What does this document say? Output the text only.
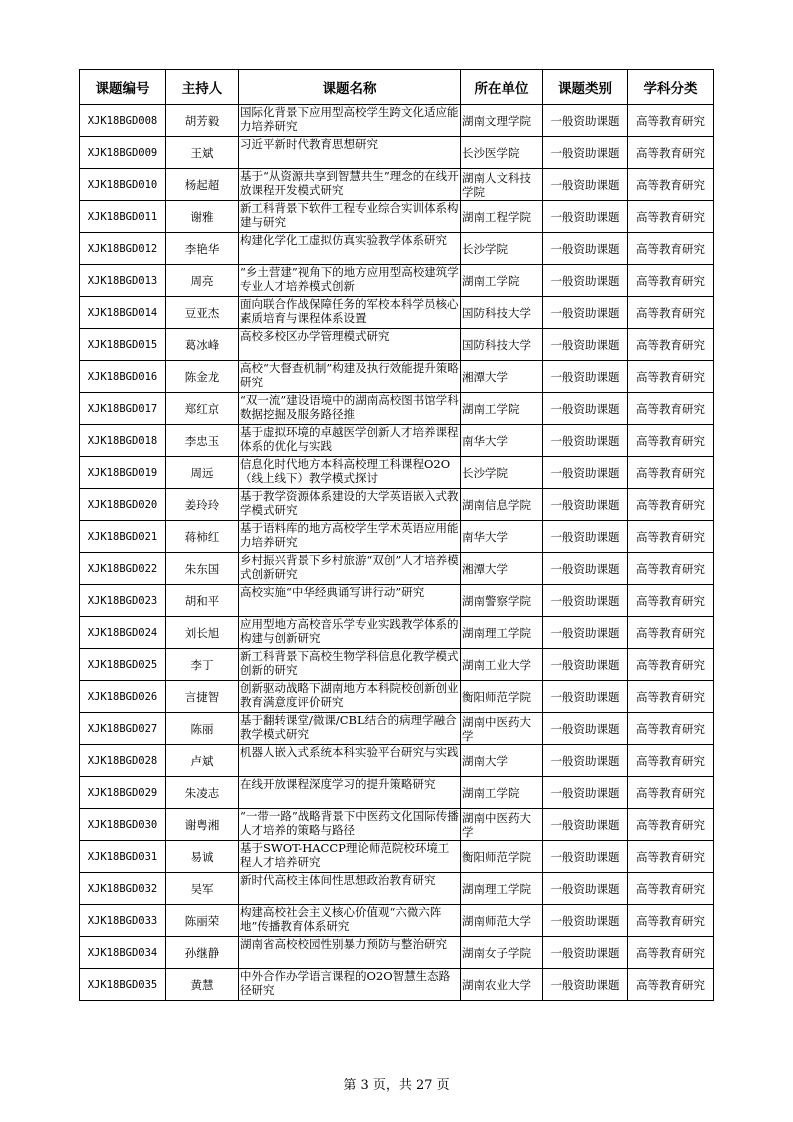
课题编号	主持人	课题名称	所在单位	课题类别	学科分类
XJK18BGD008	胡芳毅	国际化背景下应用型高校学生跨文化适应能力培养研究	湖南文理学院	一般资助课题	高等教育研究
XJK18BGD009	王斌	习近平新时代教育思想研究	长沙医学院	一般资助课题	高等教育研究
XJK18BGD010	杨起超	基于“从资源共享到智慧共生”理念的在线开放课程开发模式研究	湖南人文科技学院	一般资助课题	高等教育研究
XJK18BGD011	谢雅	新工科背景下软件工程专业综合实训体系构建与研究	湖南工程学院	一般资助课题	高等教育研究
XJK18BGD012	李艳华	构建化学化工虚拟仿真实验教学体系研究	长沙学院	一般资助课题	高等教育研究
XJK18BGD013	周亮	“乡土营建”视角下的地方应用型高校建筑学专业人才培养模式创新	湖南工学院	一般资助课题	高等教育研究
XJK18BGD014	豆亚杰	面向联合作战保障任务的军校本科学员核心素质培育与课程体系设置	国防科技大学	一般资助课题	高等教育研究
XJK18BGD015	葛冰峰	高校多校区办学管理模式研究	国防科技大学	一般资助课题	高等教育研究
XJK18BGD016	陈金龙	高校“大督查机制”构建及执行效能提升策略研究	湘潭大学	一般资助课题	高等教育研究
XJK18BGD017	郑红京	“双一流”建设语境中的湖南高校图书馆学科数据挖掘及服务路径推	湖南工学院	一般资助课题	高等教育研究
XJK18BGD018	李忠玉	基于虚拟环境的卓越医学创新人才培养课程体系的优化与实践	南华大学	一般资助课题	高等教育研究
XJK18BGD019	周远	信息化时代地方本科高校理工科课程O2O（线上线下）教学模式探讨	长沙学院	一般资助课题	高等教育研究
XJK18BGD020	姜玲玲	基于教学资源体系建设的大学英语嵌入式教学模式研究	湖南信息学院	一般资助课题	高等教育研究
XJK18BGD021	蒋柿红	基于语料库的地方高校学生学术英语应用能力培养研究	南华大学	一般资助课题	高等教育研究
XJK18BGD022	朱东国	乡村振兴背景下乡村旅游“双创”人才培养模式创新研究	湘潭大学	一般资助课题	高等教育研究
XJK18BGD023	胡和平	高校实施“中华经典诵写讲行动”研究	湖南警察学院	一般资助课题	高等教育研究
XJK18BGD024	刘长旭	应用型地方高校音乐学专业实践教学体系的构建与创新研究	湖南理工学院	一般资助课题	高等教育研究
XJK18BGD025	李丁	新工科背景下高校生物学科信息化教学模式创新的研究	湖南工业大学	一般资助课题	高等教育研究
XJK18BGD026	言捷智	创新驱动战略下湖南地方本科院校创新创业教育满意度评价研究	衡阳师范学院	一般资助课题	高等教育研究
XJK18BGD027	陈丽	基于翻转课堂/微课/CBL结合的病理学融合教学模式研究	湖南中医药大学	一般资助课题	高等教育研究
XJK18BGD028	卢斌	机器人嵌入式系统本科实验平台研究与实践	湖南大学	一般资助课题	高等教育研究
XJK18BGD029	朱凌志	在线开放课程深度学习的提升策略研究	湖南工学院	一般资助课题	高等教育研究
XJK18BGD030	谢粤湘	“一带一路”战略背景下中医药文化国际传播人才培养的策略与路径	湖南中医药大学	一般资助课题	高等教育研究
XJK18BGD031	易诚	基于SWOT-HACCP理论师范院校环境工程人才培养研究	衡阳师范学院	一般资助课题	高等教育研究
XJK18BGD032	吴军	新时代高校主体间性思想政治教育研究	湖南理工学院	一般资助课题	高等教育研究
XJK18BGD033	陈丽荣	构建高校社会主义核心价值观“六微六阵地”传播教育体系研究	湖南师范大学	一般资助课题	高等教育研究
XJK18BGD034	孙继静	湖南省高校校园性别暴力预防与整治研究	湖南女子学院	一般资助课题	高等教育研究
XJK18BGD035	黄慧	中外合作办学语言课程的O2O智慧生态路径研究	湖南农业大学	一般资助课题	高等教育研究
第 3 页，共 27 页
